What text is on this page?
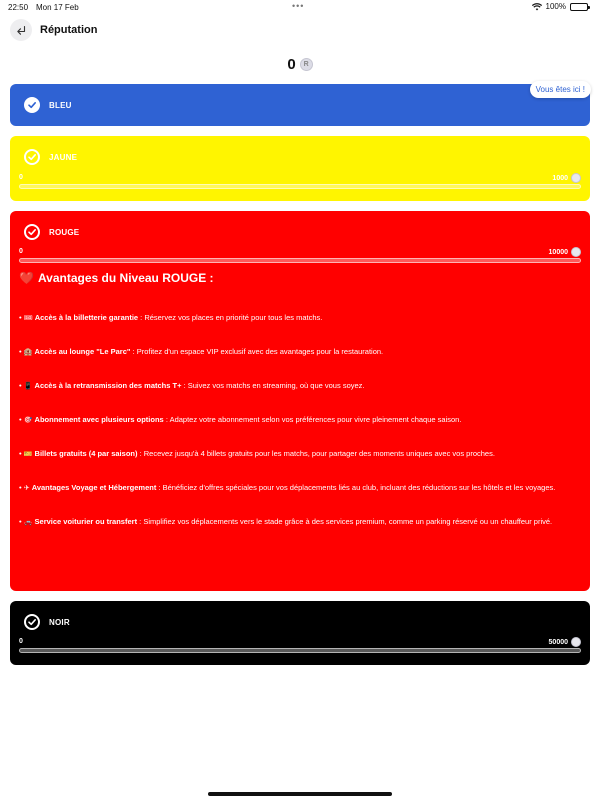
22:50 Mon 17 Feb	•••	100%
Réputation
0 R
BLEU
Vous êtes ici !
JAUNE
0	1000
ROUGE
0	10000
❤️ Avantages du Niveau ROUGE :
• 🎟 Accès à la billetterie garantie : Réservez vos places en priorité pour tous les matchs.
• 🏨 Accès au lounge "Le Parc" : Profitez d'un espace VIP exclusif avec des avantages pour la restauration.
• 📱 Accès à la retransmission des matchs T+ : Suivez vos matchs en streaming, où que vous soyez.
• 🎯 Abonnement avec plusieurs options : Adaptez votre abonnement selon vos préférences pour vivre pleinement chaque saison.
• 🎫 Billets gratuits (4 par saison) : Recevez jusqu'à 4 billets gratuits pour les matchs, pour partager des moments uniques avec vos proches.
• ✈ Avantages Voyage et Hébergement : Bénéficiez d'offres spéciales pour vos déplacements liés au club, incluant des réductions sur les hôtels et les voyages.
• 🚗 Service voiturier ou transfert : Simplifiez vos déplacements vers le stade grâce à des services premium, comme un parking réservé ou un chauffeur privé.
NOIR
0	50000
